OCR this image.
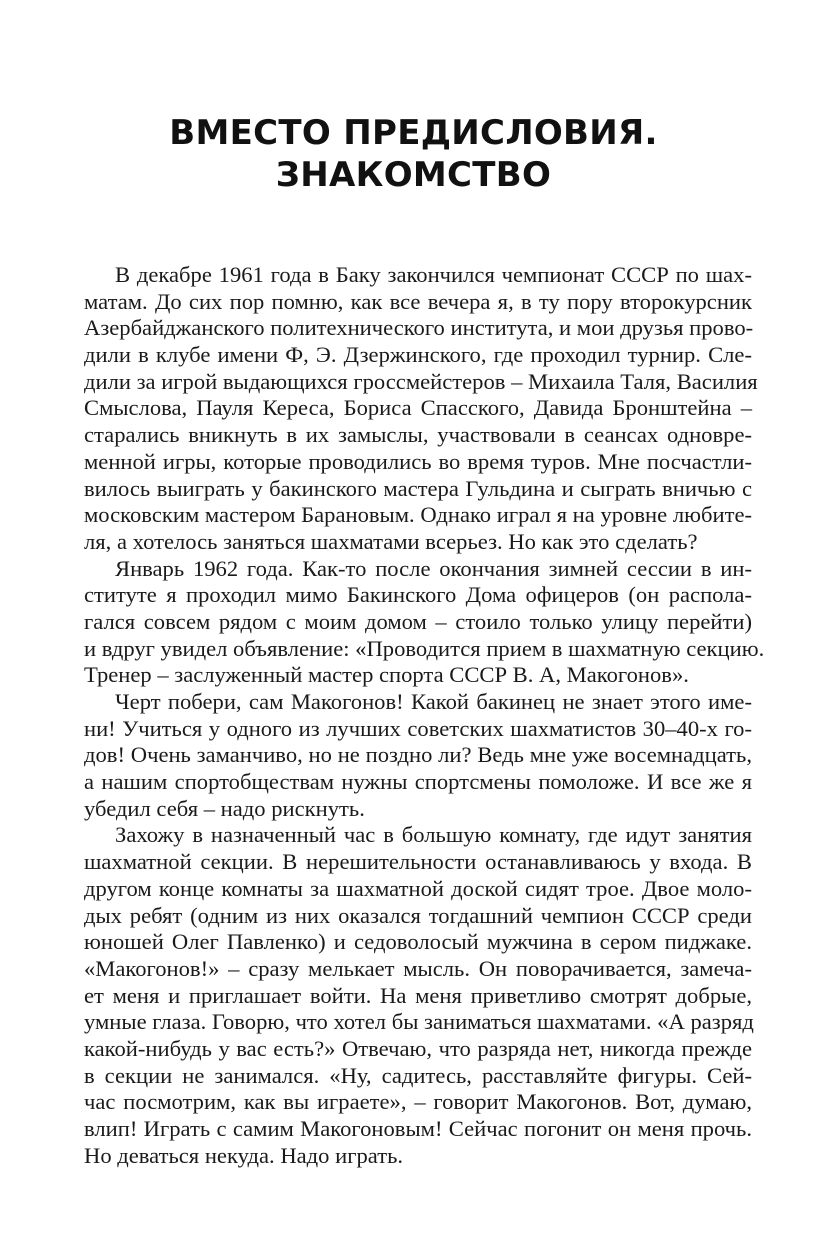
ВМЕСТО ПРЕДИСЛОВИЯ.
ЗНАКОМСТВО
В декабре 1961 года в Баку закончился чемпионат СССР по шах-
матам. До сих пор помню, как все вечера я, в ту пору второкурсник
Азербайджанского политехнического института, и мои друзья прово-
дили в клубе имени Ф, Э. Дзержинского, где проходил турнир. Сле-
дили за игрой выдающихся гроссмейстеров – Михаила Таля, Василия
Смыслова, Пауля Кереса, Бориса Спасского, Давида Бронштейна –
старались вникнуть в их замыслы, участвовали в сеансах одновре-
менной игры, которые проводились во время туров. Мне посчастли-
вилось выиграть у бакинского мастера Гульдина и сыграть вничью с
московским мастером Барановым. Однако играл я на уровне любите-
ля, а хотелось заняться шахматами всерьез. Но как это сделать?
Январь 1962 года. Как-то после окончания зимней сессии в ин-
ституте я проходил мимо Бакинского Дома офицеров (он распола-
гался совсем рядом с моим домом – стоило только улицу перейти)
и вдруг увидел объявление: «Проводится прием в шахматную секцию.
Тренер – заслуженный мастер спорта СССР В. А, Макогонов».
Черт побери, сам Макогонов! Какой бакинец не знает этого име-
ни! Учиться у одного из лучших советских шахматистов 30–40-х го-
дов! Очень заманчиво, но не поздно ли? Ведь мне уже восемнадцать,
а нашим спортобществам нужны спортсмены помоложе. И все же я
убедил себя – надо рискнуть.
Захожу в назначенный час в большую комнату, где идут занятия
шахматной секции. В нерешительности останавливаюсь у входа. В
другом конце комнаты за шахматной доской сидят трое. Двое моло-
дых ребят (одним из них оказался тогдашний чемпион СССР среди
юношей Олег Павленко) и седоволосый мужчина в сером пиджаке.
«Макогонов!» – сразу мелькает мысль. Он поворачивается, замеча-
ет меня и приглашает войти. На меня приветливо смотрят добрые,
умные глаза. Говорю, что хотел бы заниматься шахматами. «А разряд
какой-нибудь у вас есть?» Отвечаю, что разряда нет, никогда прежде
в секции не занимался. «Ну, садитесь, расставляйте фигуры. Сей-
час посмотрим, как вы играете», – говорит Макогонов. Вот, думаю,
влип! Играть с самим Макогоновым! Сейчас погонит он меня прочь.
Но деваться некуда. Надо играть.
